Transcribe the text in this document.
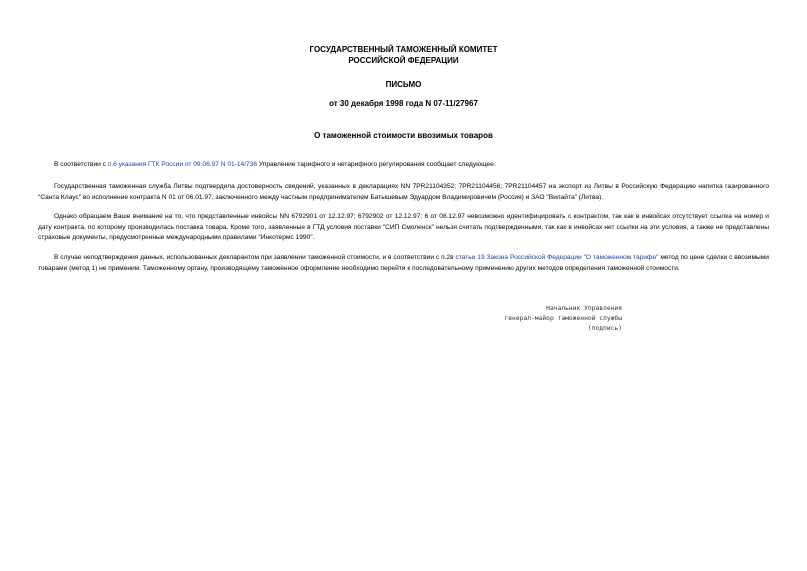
ГОСУДАРСТВЕННЫЙ ТАМОЖЕННЫЙ КОМИТЕТ
РОССИЙСКОЙ ФЕДЕРАЦИИ
ПИСЬМО
от 30 декабря 1998 года N 07-11/27967
О таможенной стоимости ввозимых товаров
В соответствии с п.6 указания ГТК России от 09.06.97 N 01-14/736 Управление тарифного и нетарифного регулирования сообщает следующее.
Государственная таможенная служба Литвы подтвердила достоверность сведений, указанных в декларациях NN 7PR21104352; 7PR21104456; 7PR21104457 на экспорт из Литвы в Российскую Федерацию напитка газированного "Санта Клаус" во исполнение контракта N 01 от 06.01.97, заключенного между частным предпринимателем Батышевым Эдуардом Владимировичем (Россия) и ЗАО "Вилайта" (Литва).
Однако обращаем Ваше внимание на то, что представленные инвойсы NN 6792901 от 12.12.97; 6792902 от 12.12.97; 6 от 08.12.97 невозможно идентифицировать с контрактом, так как в инвойсах отсутствует ссылка на номер и дату контракта, по которому производилась поставка товара. Кроме того, заявленные в ГТД условия поставки "СИП Смоленск" нельзя считать подтвержденными, так как в инвойсах нет ссылки на эти условия, а также не представлены страховые документы, предусмотренные международными правилами "Инкотермс 1990".
В случае неподтверждения данных, использованных декларантом при заявлении таможенной стоимости, и в соответствии с п.2в статьи 19 Закона Российской Федерации "О таможенном тарифе" метод по цене сделки с ввозимыми товарами (метод 1) не применим. Таможенному органу, производящему таможенное оформление необходимо перейти к последовательному применению других методов определения таможенной стоимости.
Начальник Управления
генерал-майор таможенной службы
(подпись)
